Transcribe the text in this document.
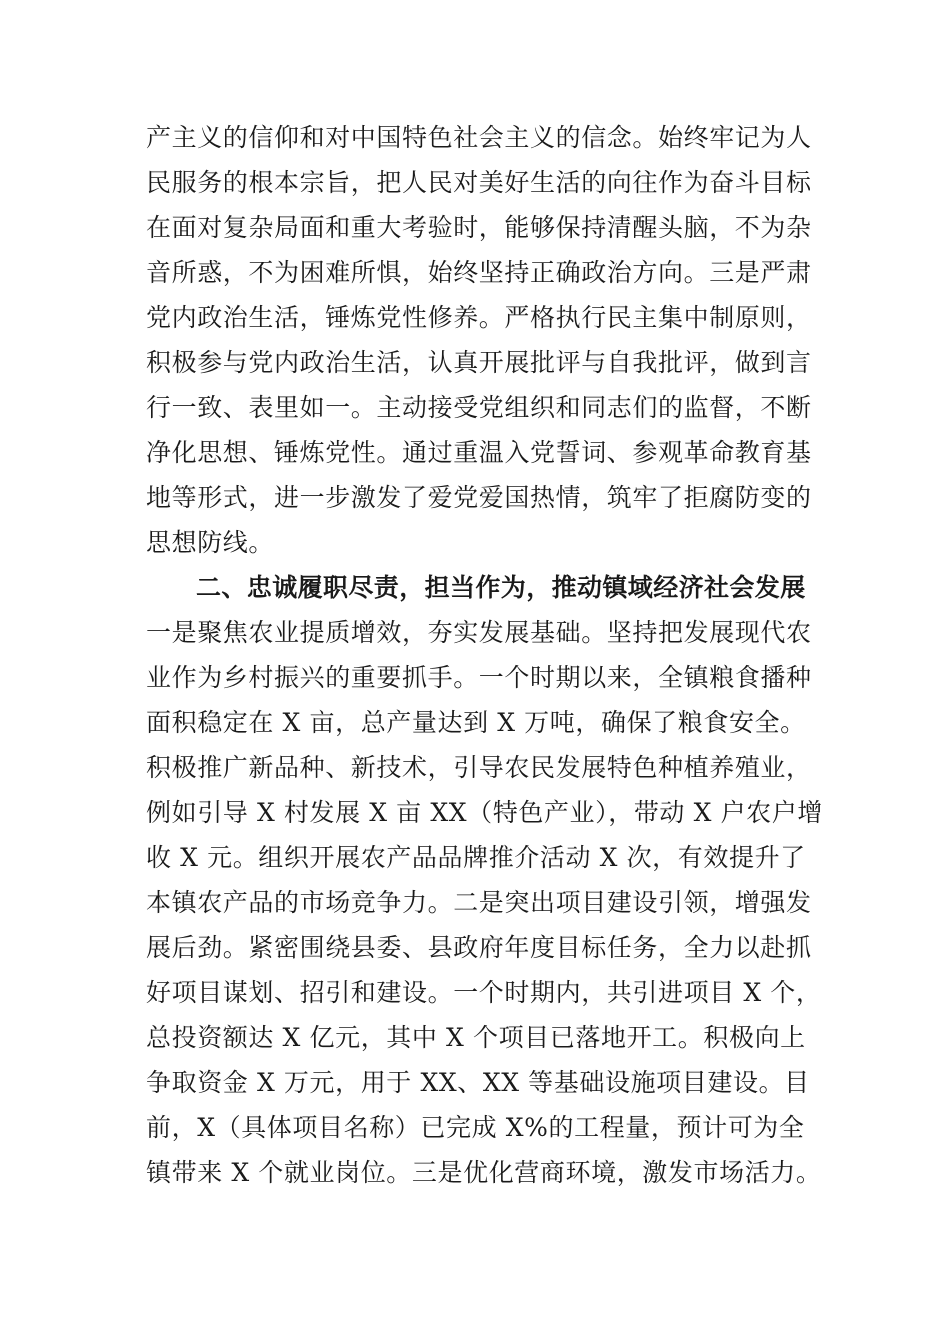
产主义的信仰和对中国特色社会主义的信念。始终牢记为人
民服务的根本宗旨，把人民对美好生活的向往作为奋斗目标
在面对复杂局面和重大考验时，能够保持清醒头脑，不为杂
音所惑，不为困难所惧，始终坚持正确政治方向。三是严肃
党内政治生活，锤炼党性修养。严格执行民主集中制原则，
积极参与党内政治生活，认真开展批评与自我批评，做到言
行一致、表里如一。主动接受党组织和同志们的监督，不断
净化思想、锤炼党性。通过重温入党誓词、参观革命教育基
地等形式，进一步激发了爱党爱国热情，筑牢了拒腐防变的
思想防线。
二、忠诚履职尽责，担当作为，推动镇域经济社会发展
一是聚焦农业提质增效，夯实发展基础。坚持把发展现代农
业作为乡村振兴的重要抓手。一个时期以来，全镇粮食播种
面积稳定在 X 亩，总产量达到 X 万吨，确保了粮食安全。
积极推广新品种、新技术，引导农民发展特色种植养殖业，
例如引导 X 村发展 X 亩 XX（特色产业），带动 X 户农户增
收 X 元。组织开展农产品品牌推介活动 X 次，有效提升了
本镇农产品的市场竞争力。二是突出项目建设引领，增强发
展后劲。紧密围绕县委、县政府年度目标任务，全力以赴抓
好项目谋划、招引和建设。一个时期内，共引进项目 X 个，
总投资额达 X 亿元，其中 X 个项目已落地开工。积极向上
争取资金 X 万元，用于 XX、XX 等基础设施项目建设。目
前，X（具体项目名称）已完成 X%的工程量，预计可为全
镇带来 X 个就业岗位。三是优化营商环境，激发市场活力。
